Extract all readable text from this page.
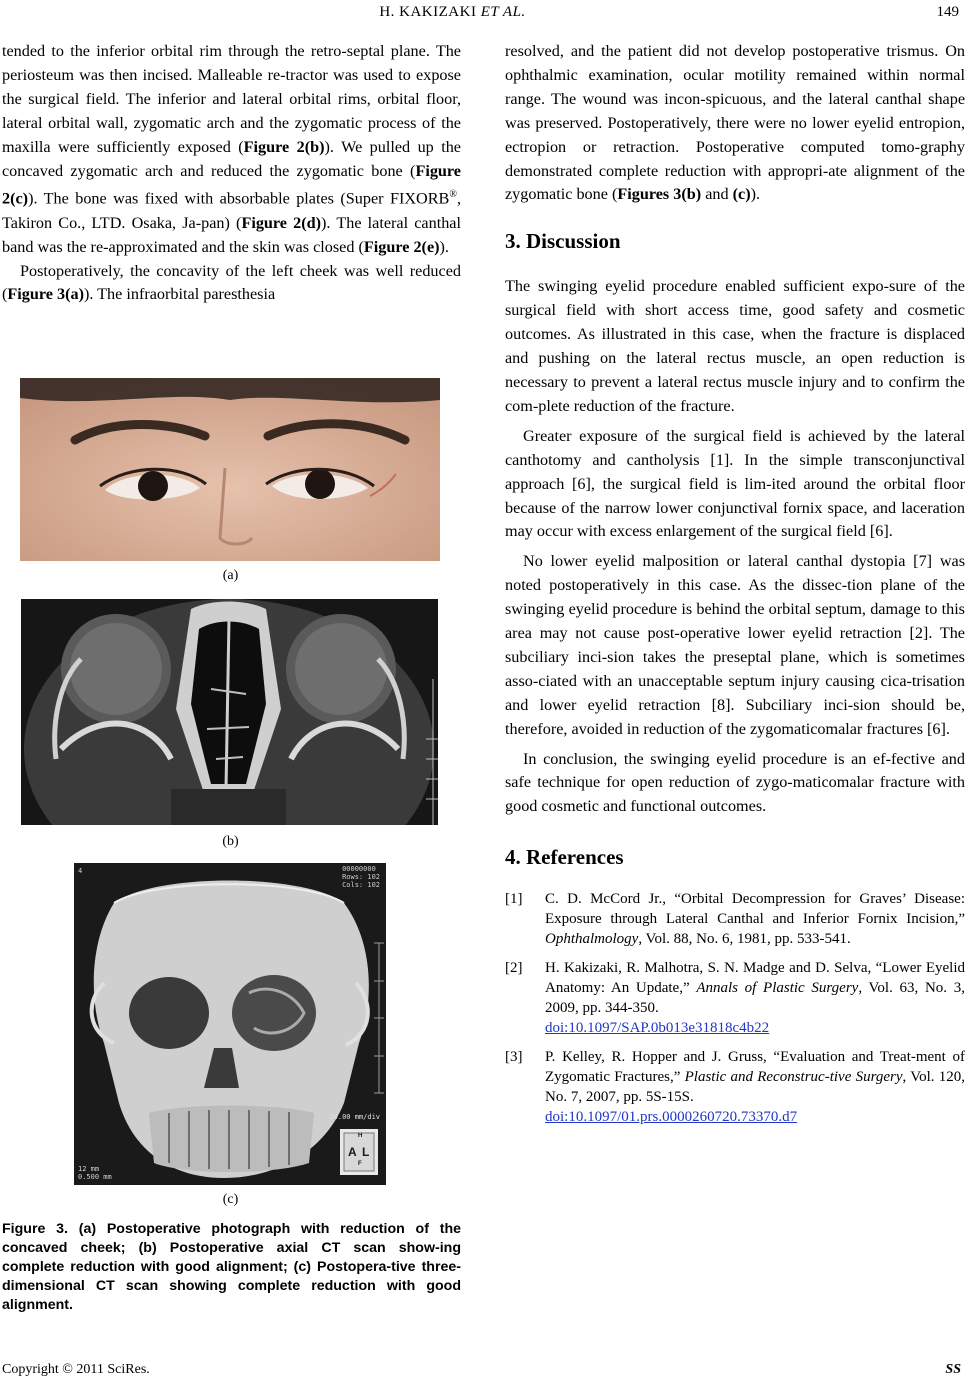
H. KAKIZAKI ET AL.	149

tended to the inferior orbital rim through the retro-septal plane. The periosteum was then incised. Malleable re-tractor was used to expose the surgical field. The inferior and lateral orbital rims, orbital floor, lateral orbital wall, zygomatic arch and the zygomatic process of the maxilla were sufficiently exposed (Figure 2(b)). We pulled up the concaved zygomatic arch and reduced the zygomatic bone (Figure 2(c)). The bone was fixed with absorbable plates (Super FIXORB®, Takiron Co., LTD. Osaka, Ja-pan) (Figure 2(d)). The lateral canthal band was the re-approximated and the skin was closed (Figure 2(e)).

Postoperatively, the concavity of the left cheek was well reduced (Figure 3(a)). The infraorbital paresthesia

(a)
(b)
00000000
Rows: 102
Cols: 102
4
20.00 mm/div
12 mm
0.500 mm
H
A L
F
(c)
Figure 3. (a) Postoperative photograph with reduction of the concaved cheek; (b) Postoperative axial CT scan show-ing complete reduction with good alignment; (c) Postopera-tive three-dimensional CT scan showing complete reduction with good alignment.

resolved, and the patient did not develop postoperative trismus. On ophthalmic examination, ocular motility remained within normal range. The wound was incon-spicuous, and the lateral canthal shape was preserved. Postoperatively, there were no lower eyelid entropion, ectropion or retraction. Postoperative computed tomo-graphy demonstrated complete reduction with appropri-ate alignment of the zygomatic bone (Figures 3(b) and (c)).

3. Discussion

The swinging eyelid procedure enabled sufficient expo-sure of the surgical field with short access time, good safety and cosmetic outcomes. As illustrated in this case, when the fracture is displaced and pushing on the lateral rectus muscle, an open reduction is necessary to prevent a lateral rectus muscle injury and to confirm the com-plete reduction of the fracture.

Greater exposure of the surgical field is achieved by the lateral canthotomy and cantholysis [1]. In the simple transconjunctival approach [6], the surgical field is lim-ited around the orbital floor because of the narrow lower conjunctival fornix space, and laceration may occur with excess enlargement of the surgical field [6].

No lower eyelid malposition or lateral canthal dystopia [7] was noted postoperatively in this case. As the dissec-tion plane of the swinging eyelid procedure is behind the orbital septum, damage to this area may not cause post-operative lower eyelid retraction [2]. The subciliary inci-sion takes the preseptal plane, which is sometimes asso-ciated with an unacceptable septum injury causing cica-trisation and lower eyelid retraction [8]. Subciliary inci-sion should be, therefore, avoided in reduction of the zygomaticomalar fractures [6].

In conclusion, the swinging eyelid procedure is an ef-fective and safe technique for open reduction of zygo-maticomalar fracture with good cosmetic and functional outcomes.

4. References
[1] C. D. McCord Jr., “Orbital Decompression for Graves’ Disease: Exposure through Lateral Canthal and Inferior Fornix Incision,” Ophthalmology, Vol. 88, No. 6, 1981, pp. 533-541.
[2] H. Kakizaki, R. Malhotra, S. N. Madge and D. Selva, “Lower Eyelid Anatomy: An Update,” Annals of Plastic Surgery, Vol. 63, No. 3, 2009, pp. 344-350.
doi:10.1097/SAP.0b013e31818c4b22
[3] P. Kelley, R. Hopper and J. Gruss, “Evaluation and Treat-ment of Zygomatic Fractures,” Plastic and Reconstruc-tive Surgery, Vol. 120, No. 7, 2007, pp. 5S-15S.
doi:10.1097/01.prs.0000260720.73370.d7
Copyright © 2011 SciRes.	SS
